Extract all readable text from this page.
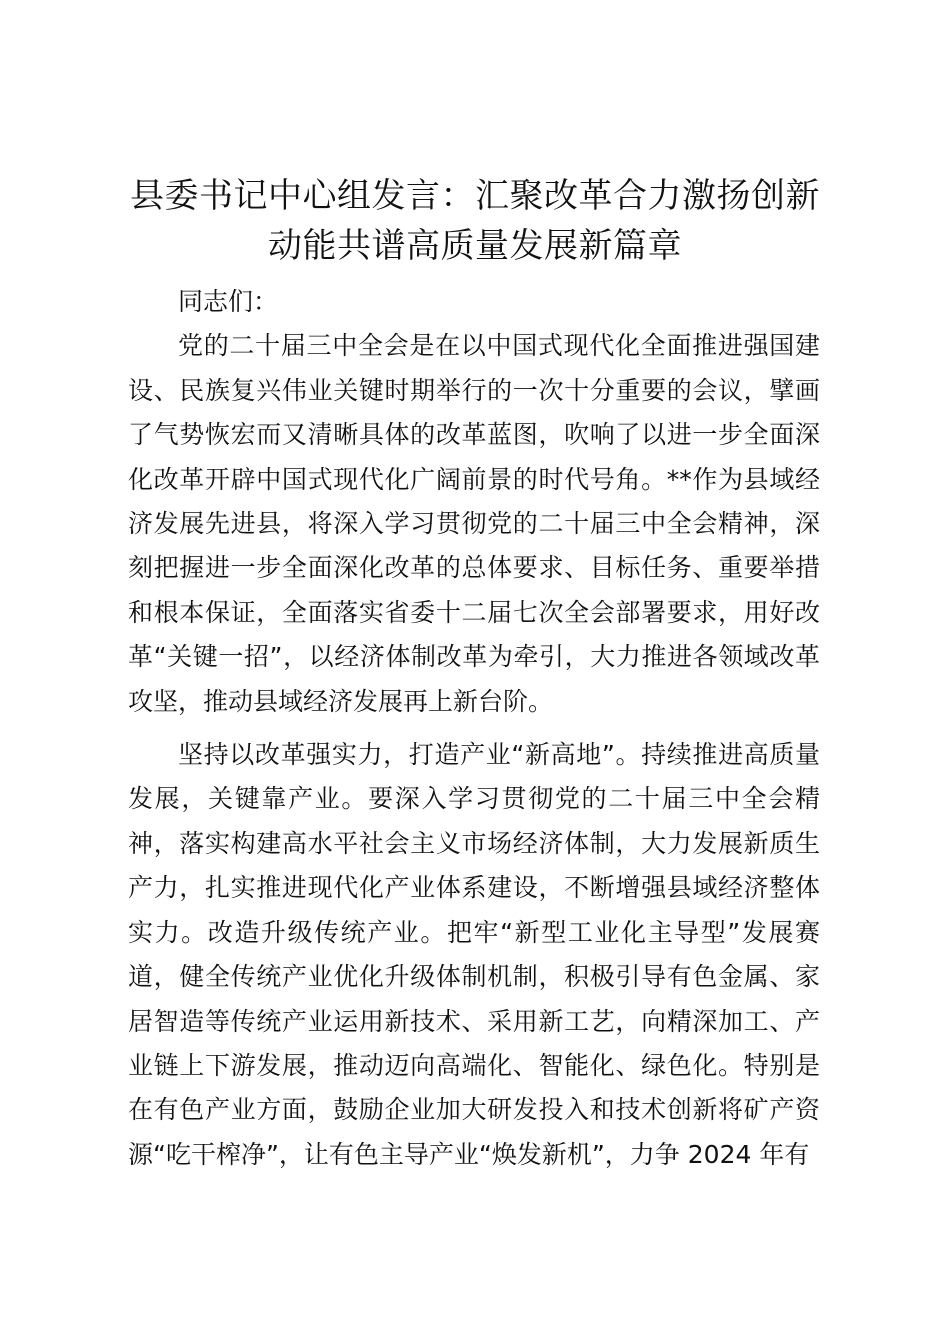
县委书记中心组发言：汇聚改革合力激扬创新动能共谱高质量发展新篇章

同志们：

党的二十届三中全会是在以中国式现代化全面推进强国建设、民族复兴伟业关键时期举行的一次十分重要的会议，擘画了气势恢宏而又清晰具体的改革蓝图，吹响了以进一步全面深化改革开辟中国式现代化广阔前景的时代号角。**作为县域经济发展先进县，将深入学习贯彻党的二十届三中全会精神，深刻把握进一步全面深化改革的总体要求、目标任务、重要举措和根本保证，全面落实省委十二届七次全会部署要求，用好改革“关键一招”，以经济体制改革为牵引，大力推进各领域改革攻坚，推动县域经济发展再上新台阶。

坚持以改革强实力，打造产业“新高地”。持续推进高质量发展，关键靠产业。要深入学习贯彻党的二十届三中全会精神，落实构建高水平社会主义市场经济体制，大力发展新质生产力，扎实推进现代化产业体系建设，不断增强县域经济整体实力。改造升级传统产业。把牢“新型工业化主导型”发展赛道，健全传统产业优化升级体制机制，积极引导有色金属、家居智造等传统产业运用新技术、采用新工艺，向精深加工、产业链上下游发展，推动迈向高端化、智能化、绿色化。特别是在有色产业方面，鼓励企业加大研发投入和技术创新将矿产资源“吃干榨净”，让有色主导产业“焕发新机”，力争 2024 年有
